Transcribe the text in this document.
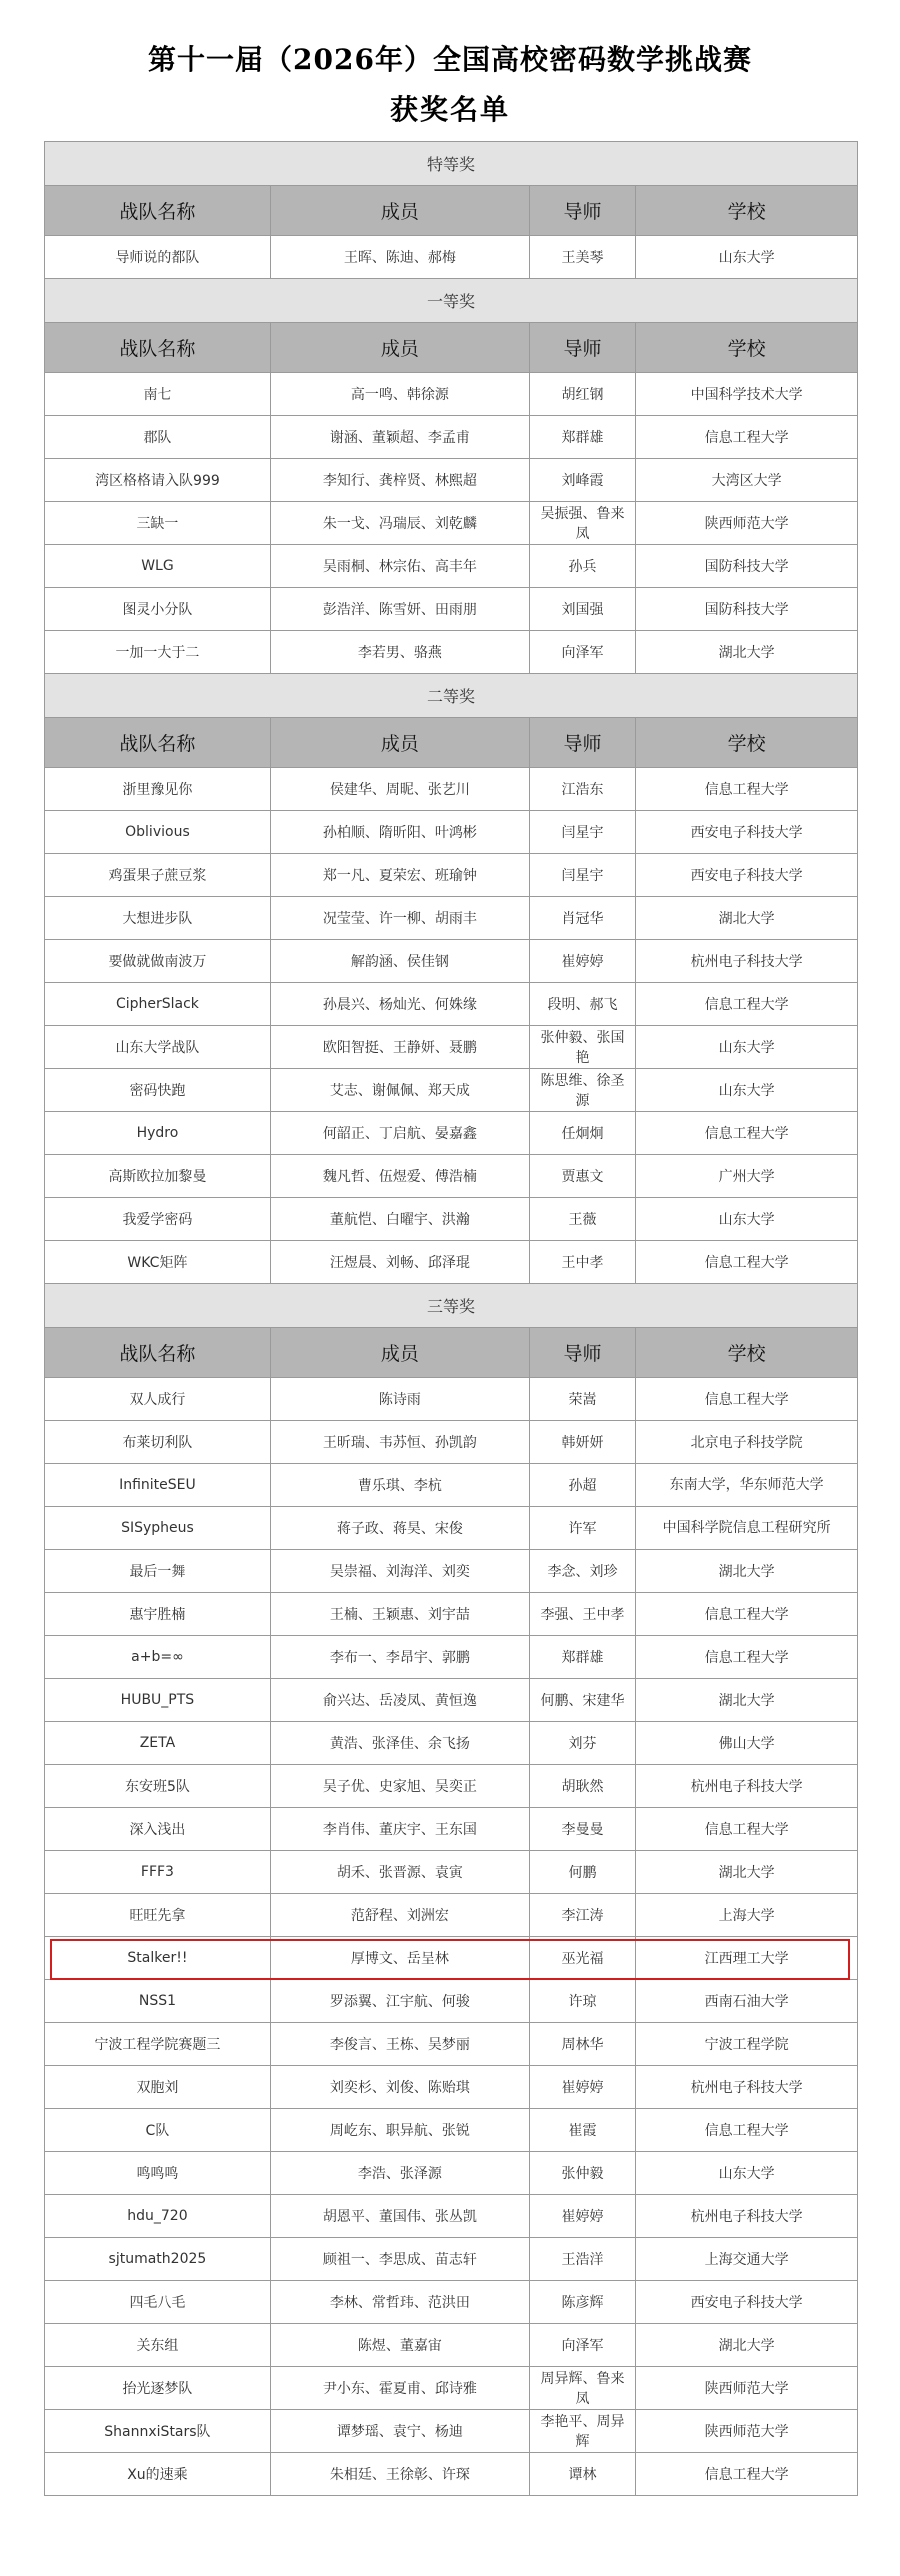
第十一届（2026年）全国高校密码数学挑战赛
获奖名单
特等奖			
战队名称	成员	导师	学校
导师说的都队	王晖、陈迪、郝梅	王美琴	山东大学
一等奖			
战队名称	成员	导师	学校
南七	高一鸣、韩徐源	胡红钢	中国科学技术大学
郡队	谢涵、董颖超、李孟甫	郑群雄	信息工程大学
湾区格格请入队999	李知行、龚梓贤、林熙超	刘峰霞	大湾区大学
三缺一	朱一戈、冯瑞辰、刘乾麟	吴振强、鲁来凤	陕西师范大学
WLG	吴雨桐、林宗佑、高丰年	孙兵	国防科技大学
图灵小分队	彭浩洋、陈雪妍、田雨朋	刘国强	国防科技大学
一加一大于二	李若男、骆燕	向泽军	湖北大学
二等奖			
战队名称	成员	导师	学校
浙里豫见你	侯建华、周昵、张艺川	江浩东	信息工程大学
Oblivious	孙柏顺、隋昕阳、叶鸿彬	闫星宇	西安电子科技大学
鸡蛋果子蔗豆浆	郑一凡、夏荣宏、班瑜钟	闫星宇	西安电子科技大学
大想进步队	况莹莹、许一柳、胡雨丰	肖冠华	湖北大学
要做就做南波万	解韵涵、侯佳钢	崔婷婷	杭州电子科技大学
CipherSlack	孙晨兴、杨灿光、何姝缘	段明、郝飞	信息工程大学
山东大学战队	欧阳智挺、王静妍、聂鹏	张仲毅、张国艳	山东大学
密码快跑	艾志、谢佩佩、郑天成	陈思维、徐圣源	山东大学
Hydro	何韶正、丁启航、晏嘉鑫	任炯炯	信息工程大学
高斯欧拉加黎曼	魏凡哲、伍煜爱、傅浩楠	贾惠文	广州大学
我爱学密码	董航恺、白曜宇、洪瀚	王薇	山东大学
WKC矩阵	汪煜晨、刘畅、邱泽琨	王中孝	信息工程大学
三等奖			
战队名称	成员	导师	学校
双人成行	陈诗雨	荣嵩	信息工程大学
布莱切利队	王昕瑞、韦苏恒、孙凯韵	韩妍妍	北京电子科技学院
InfiniteSEU	曹乐琪、李杭	孙超	东南大学，华东师范大学
SISypheus	蒋子政、蒋昊、宋俊	许军	中国科学院信息工程研究所
最后一舞	吴崇福、刘海洋、刘奕	李念、刘珍	湖北大学
惠宇胜楠	王楠、王颖惠、刘宇喆	李强、王中孝	信息工程大学
a+b=∞	李布一、李昂宇、郭鹏	郑群雄	信息工程大学
HUBU_PTS	俞兴达、岳凌凤、黄恒逸	何鹏、宋建华	湖北大学
ZETA	黄浩、张泽佳、余飞扬	刘芬	佛山大学
东安班5队	吴子优、史家旭、吴奕正	胡耿然	杭州电子科技大学
深入浅出	李肖伟、董庆宇、王东国	李曼曼	信息工程大学
FFF3	胡禾、张晋源、袁寅	何鹏	湖北大学
旺旺先拿	范舒程、刘洲宏	李江涛	上海大学
Stalker!!	厚博文、岳呈林	巫光福	江西理工大学
NSS1	罗添翼、江宇航、何骏	许琼	西南石油大学
宁波工程学院赛题三	李俊言、王栋、吴梦丽	周林华	宁波工程学院
双胞刘	刘奕杉、刘俊、陈贻琪	崔婷婷	杭州电子科技大学
C队	周屹东、职异航、张锐	崔霞	信息工程大学
鸣鸣鸣	李浩、张泽源	张仲毅	山东大学
hdu_720	胡恩平、董国伟、张丛凯	崔婷婷	杭州电子科技大学
sjtumath2025	顾祖一、李思成、苗志轩	王浩洋	上海交通大学
四毛八毛	李林、常哲玮、范洪田	陈彦辉	西安电子科技大学
关东组	陈煜、董嘉宙	向泽军	湖北大学
抬光逐梦队	尹小东、霍夏甫、邱诗雅	周异辉、鲁来凤	陕西师范大学
ShannxiStars队	谭梦瑶、袁宁、杨迪	李艳平、周异辉	陕西师范大学
Xu的速乘	朱相廷、王徐彰、许琛	谭林	信息工程大学
